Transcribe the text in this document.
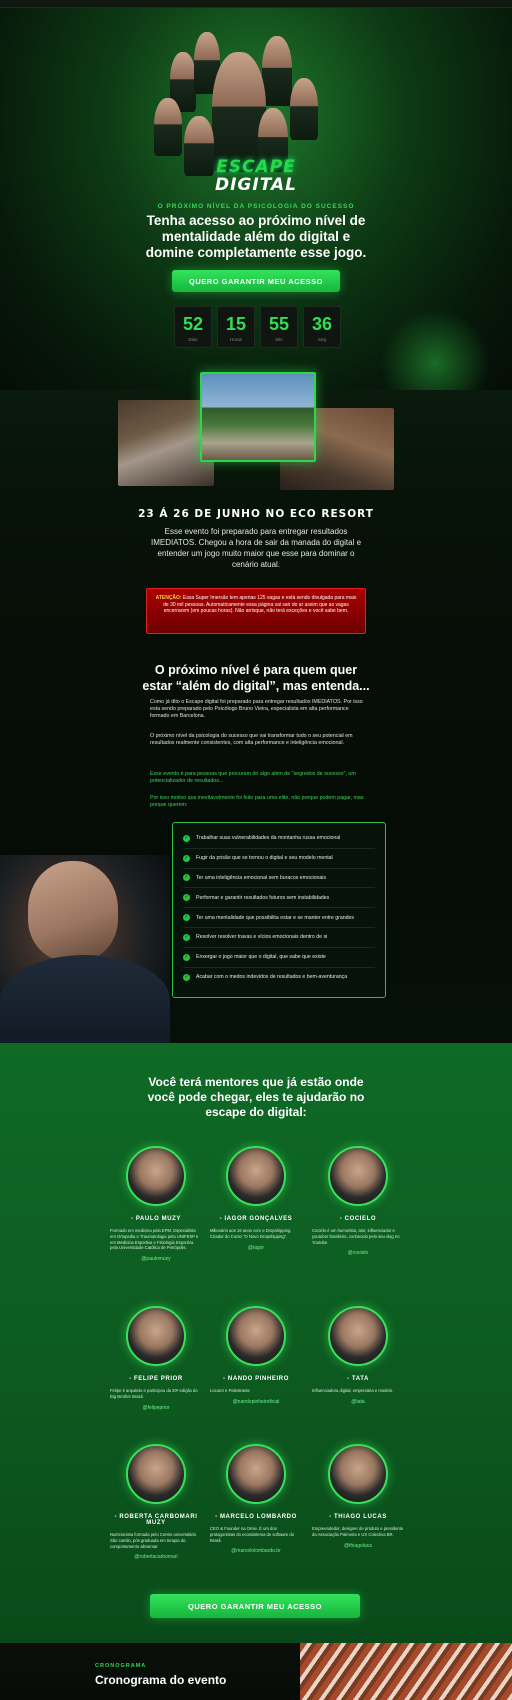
ESCAPE
DIGITAL
O PRÓXIMO NÍVEL DA PSICOLOGIA DO SUCESSO
Tenha acesso ao próximo nível de mentalidade além do digital e domine completamente esse jogo.
QUERO GARANTIR MEU ACESSO
52
Dias
15
Horas
55
Min
36
Seg
23 Á 26 DE JUNHO NO ECO RESORT
Esse evento foi preparado para entregar resultados IMEDIATOS. Chegou a hora de sair da manada do digital e entender um jogo muito maior que esse para dominar o cenário atual.
ATENÇÃO: Essa Super Imersão tem apenas 125 vagas e está sendo divulgada para mais de 30 mil pessoas. Automaticamente essa página vai sair do ar assim que as vagas encerrarem (em poucas horas). Não arrisque, não terá exceções e você sabe bem.
O próximo nível é para quem quer estar “além do digital”, mas entenda...
Como já dito o Escape digital foi preparado para entregar resultados IMEDIATOS. Por isso esta sendo preparado pelo Psicólogo Bruno Vieira, especialista em alta performance formado em Barcelona.
O próximo nível da psicologia do sucesso que vai transformar todo o seu potencial em resultados realmente consistentes, com alta performance e inteligência emocional.
Esse evento é para pessoas que procuram do algo além de "segredos de sucesso", um potencializador de resultados...
Por isso motivo que inevitavelmente foi feito para uma elite, não porque podem pagar, mas porque querem:
✓ Trabalhar suas vulnerabilidades da montanha russa emocional
✓ Fugir da prisão que se tornou o digital e seu modelo mental
✓ Ter uma inteligência emocional sem buracos emocionais
✓ Performar e garantir resultados futuros sem instabilidades
✓ Ter uma mentalidade que possibilita estar e se manter entre grandes
✓ Resolver resolver travas e vícios emocionais dentro de si
✓ Enxergar o jogo maior que o digital, que sabe que existe
✓ Acabar com o medos indevidos de resultados e bem-aventurança
Você terá mentores que já estão onde você pode chegar, eles te ajudarão no escape do digital:
- PAULO MUZY
Formado em medicina pela EPM. Especialista em Ortopedia e Traumatologia pela UNIFESP e em Medicina Esportiva e Fisiologia Esportiva pela Universidade Católica de Petrópolis.
@paulomuzy
- IAGOR GONÇALVES
Milionário aos 16 anos com o Dropshipping. Criador do Curso "O Novo Dropshipping".
@iagor
- COCIELO
Cocielo é um humorista, ator, influenciador e youtuber brasileiro, conhecido pelo seu vlog no Youtube.
@cocielo
- FELIPE PRIOR
Felipe é arquiteto e participou da 20ª edição do Big Brother Brasil.
@felipeprior
- NANDO PINHEIRO
Locutor e Palestrante
@nandopinheiroficial
- TATA
Influenciadora digital, empresária e modelo.
@tata
- ROBERTA CARBOMARI MUZY
Nutricionista formada pelo Centro universitário São camilo, pós graduada em terapia do comportamento alimentar.
@robertacarbomari
- MARCELO LOMBARDO
CEO & Founder na Omie. É um dos protagonistas do ecossistema de software do Brasil.
@marcelolombardo.br
- THIAGO LUCAS
Empreendedor, designer de produto e presidente da Associação Palmeira e UX Colectiva BR.
@thiagoluca
QUERO GARANTIR MEU ACESSO
CRONOGRAMA
Cronograma do evento
